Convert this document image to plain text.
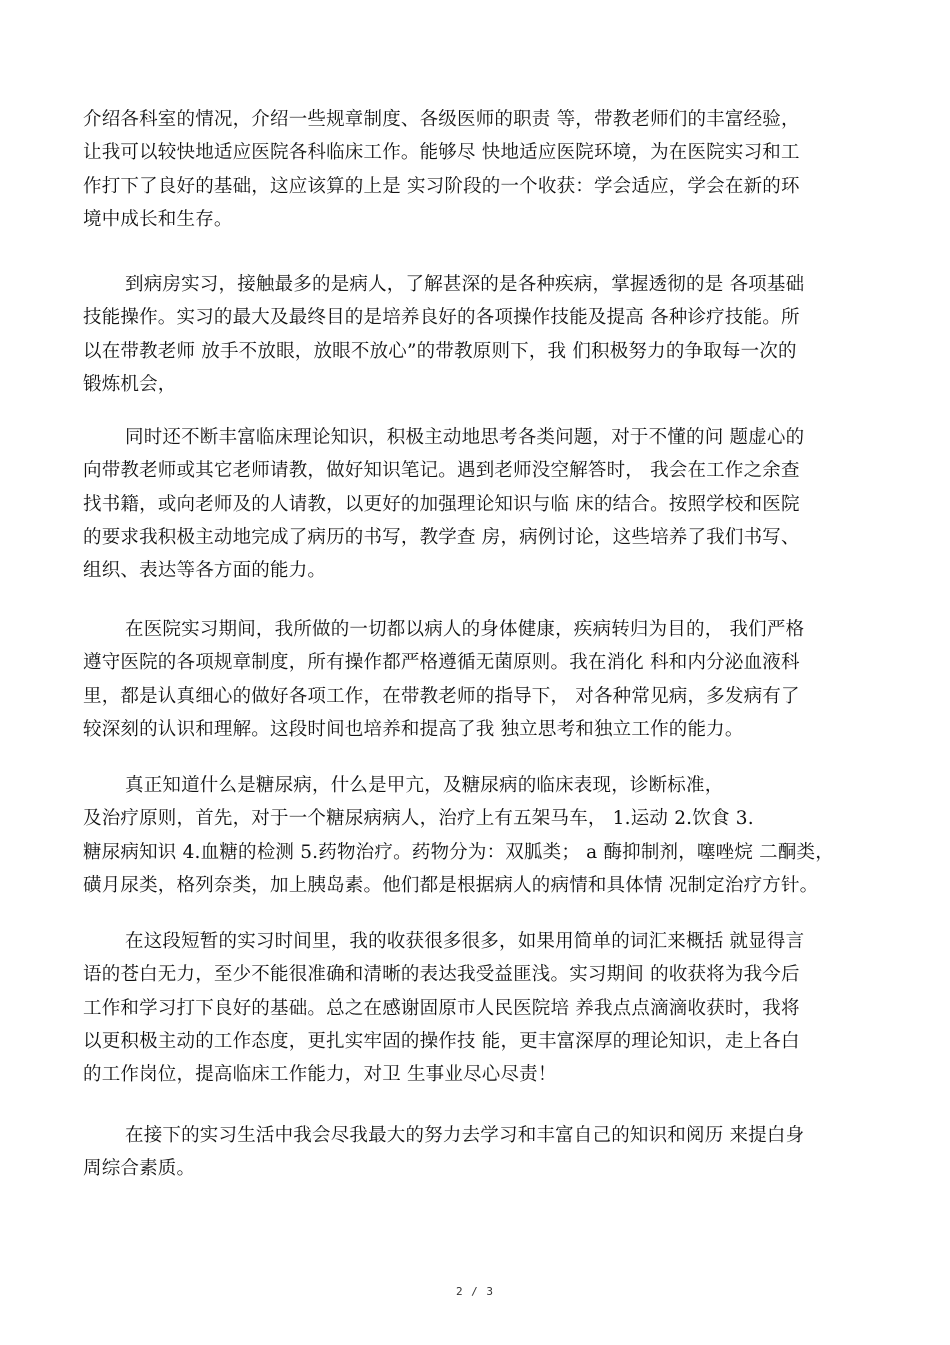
介绍各科室的情况，介绍一些规章制度、各级医师的职责 等，带教老师们的丰富经验，
让我可以较快地适应医院各科临床工作。能够尽 快地适应医院环境，为在医院实习和工
作打下了良好的基础，这应该算的上是 实习阶段的一个收获：学会适应，学会在新的环
境中成长和生存。
到病房实习，接触最多的是病人，了解甚深的是各种疾病，掌握透彻的是 各项基础
技能操作。实习的最大及最终目的是培养良好的各项操作技能及提高 各种诊疗技能。所
以在带教老师 放手不放眼，放眼不放心”的带教原则下，我 们积极努力的争取每一次的
锻炼机会，
同时还不断丰富临床理论知识，积极主动地思考各类问题，对于不懂的问 题虚心的
向带教老师或其它老师请教，做好知识笔记。遇到老师没空解答时， 我会在工作之余查
找书籍，或向老师及的人请教，以更好的加强理论知识与临 床的结合。按照学校和医院
的要求我积极主动地完成了病历的书写，教学查 房，病例讨论，这些培养了我们书写、
组织、表达等各方面的能力。
在医院实习期间，我所做的一切都以病人的身体健康，疾病转归为目的， 我们严格
遵守医院的各项规章制度，所有操作都严格遵循无菌原则。我在消化 科和内分泌血液科
里，都是认真细心的做好各项工作，在带教老师的指导下， 对各种常见病，多发病有了
较深刻的认识和理解。这段时间也培养和提高了我 独立思考和独立工作的能力。
真正知道什么是糖尿病，什么是甲亢，及糖尿病的临床表现，诊断标准，
及治疗原则，首先，对于一个糖尿病病人，治疗上有五架马车， 1.运动 2.饮食 3.
糖尿病知识 4.血糖的检测 5.药物治疗。药物分为：双胍类； a 酶抑制剂，噻唑烷 二酮类，
磺月尿类，格列奈类，加上胰岛素。他们都是根据病人的病情和具体情 况制定治疗方针。
在这段短暂的实习时间里，我的收获很多很多，如果用简单的词汇来概括 就显得言
语的苍白无力，至少不能很准确和清晰的表达我受益匪浅。实习期间 的收获将为我今后
工作和学习打下良好的基础。总之在感谢固原市人民医院培 养我点点滴滴收获时，我将
以更积极主动的工作态度，更扎实牢固的操作技 能，更丰富深厚的理论知识，走上各白
的工作岗位，提高临床工作能力，对卫 生事业尽心尽责！
在接下的实习生活中我会尽我最大的努力去学习和丰富自己的知识和阅历 来提白身
周综合素质。
2 / 3
